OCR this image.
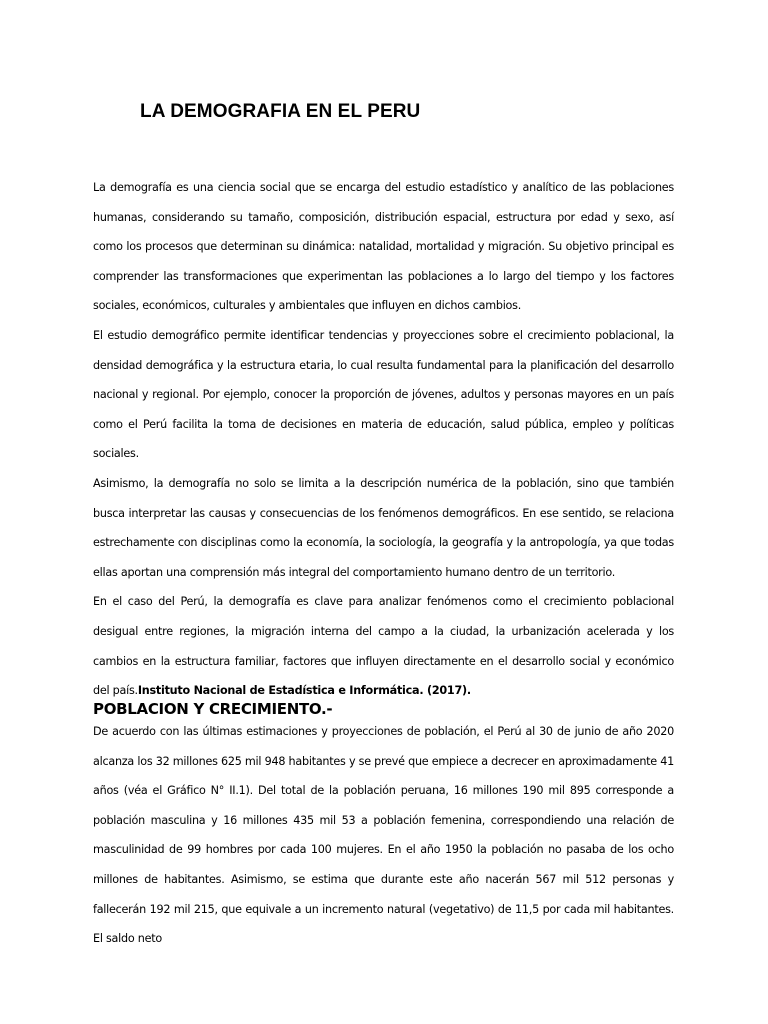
LA DEMOGRAFIA EN EL PERU

La demografía es una ciencia social que se encarga del estudio estadístico y analítico de las poblaciones humanas, considerando su tamaño, composición, distribución espacial, estructura por edad y sexo, así como los procesos que determinan su dinámica: natalidad, mortalidad y migración. Su objetivo principal es comprender las transformaciones que experimentan las poblaciones a lo largo del tiempo y los factores sociales, económicos, culturales y ambientales que influyen en dichos cambios.

El estudio demográfico permite identificar tendencias y proyecciones sobre el crecimiento poblacional, la densidad demográfica y la estructura etaria, lo cual resulta fundamental para la planificación del desarrollo nacional y regional. Por ejemplo, conocer la proporción de jóvenes, adultos y personas mayores en un país como el Perú facilita la toma de decisiones en materia de educación, salud pública, empleo y políticas sociales.

Asimismo, la demografía no solo se limita a la descripción numérica de la población, sino que también busca interpretar las causas y consecuencias de los fenómenos demográficos. En ese sentido, se relaciona estrechamente con disciplinas como la economía, la sociología, la geografía y la antropología, ya que todas ellas aportan una comprensión más integral del comportamiento humano dentro de un territorio.

En el caso del Perú, la demografía es clave para analizar fenómenos como el crecimiento poblacional desigual entre regiones, la migración interna del campo a la ciudad, la urbanización acelerada y los cambios en la estructura familiar, factores que influyen directamente en el desarrollo social y económico del país.Instituto Nacional de Estadística e Informática. (2017).

POBLACION Y CRECIMIENTO.-

De acuerdo con las últimas estimaciones y proyecciones de población, el Perú al 30 de junio de año 2020 alcanza los 32 millones 625 mil 948 habitantes y se prevé que empiece a decrecer en aproximadamente 41 años (véa el Gráfico N° II.1). Del total de la población peruana, 16 millones 190 mil 895 corresponde a población masculina y 16 millones 435 mil 53 a población femenina, correspondiendo una relación de masculinidad de 99 hombres por cada 100 mujeres. En el año 1950 la población no pasaba de los ocho millones de habitantes. Asimismo, se estima que durante este año nacerán 567 mil 512 personas y fallecerán 192 mil 215, que equivale a un incremento natural (vegetativo) de 11,5 por cada mil habitantes. El saldo neto
